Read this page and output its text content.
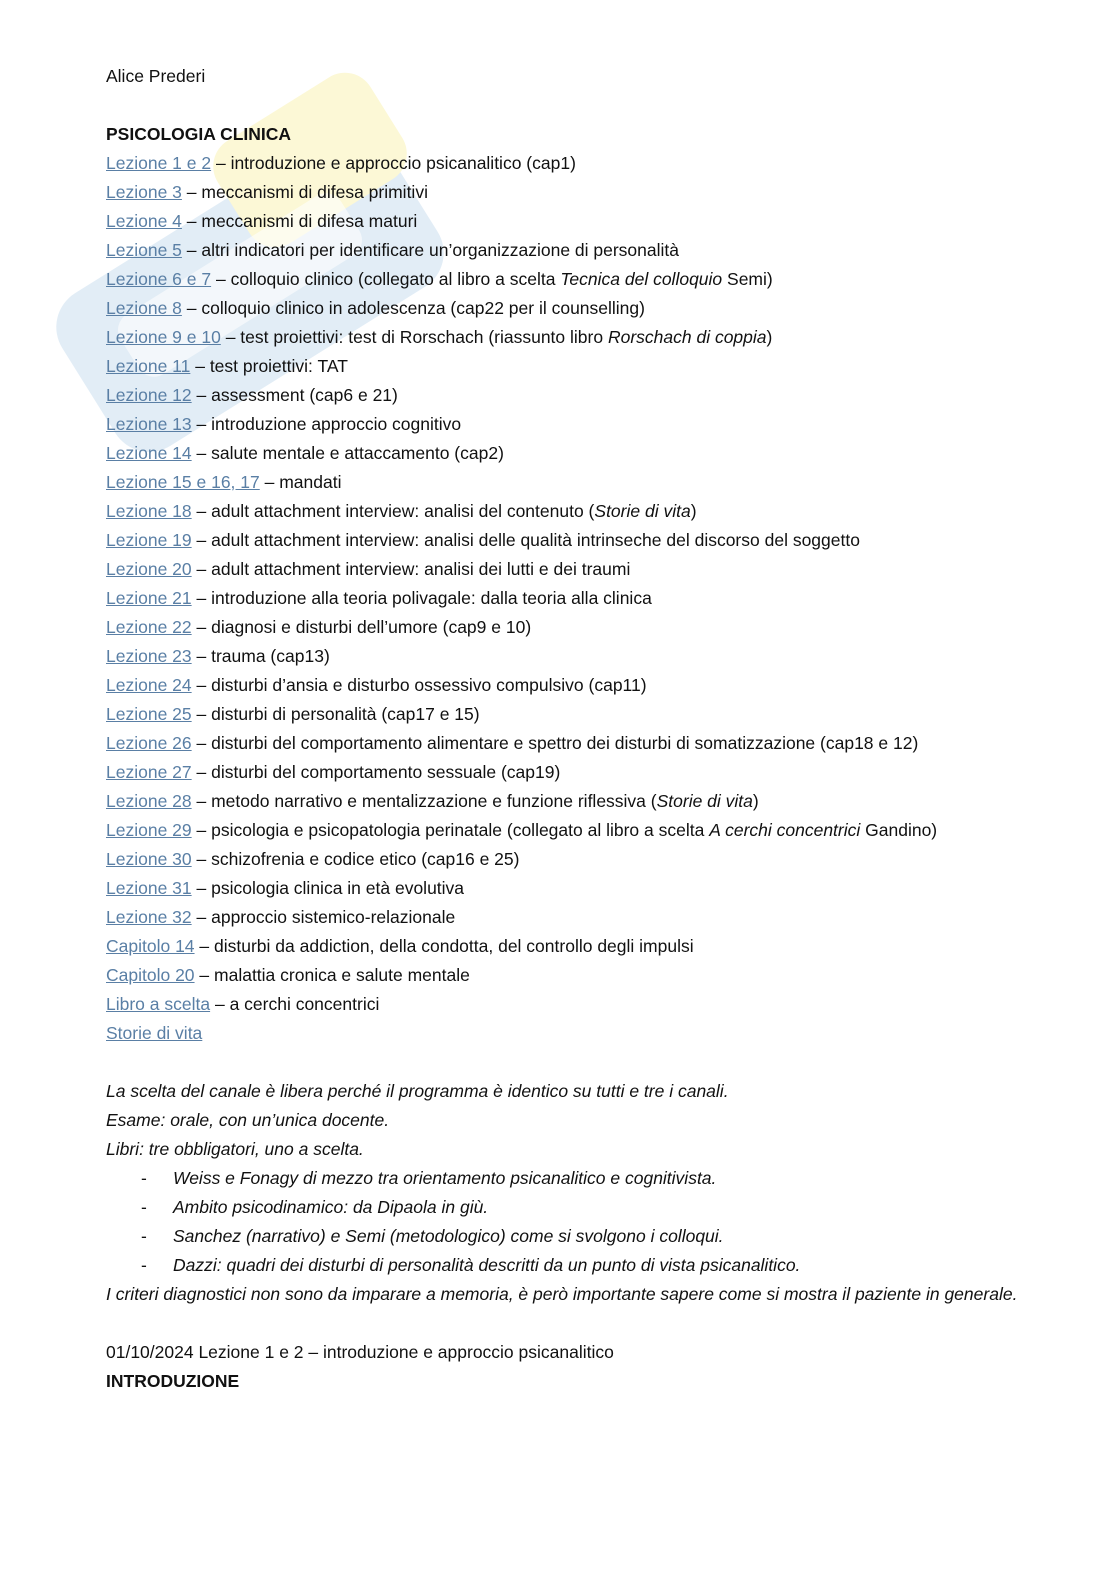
Alice Prederi
PSICOLOGIA CLINICA
Lezione 1 e 2 – introduzione e approccio psicanalitico (cap1)
Lezione 3 – meccanismi di difesa primitivi
Lezione 4 – meccanismi di difesa maturi
Lezione 5 – altri indicatori per identificare un’organizzazione di personalità
Lezione 6 e 7 – colloquio clinico (collegato al libro a scelta Tecnica del colloquio Semi)
Lezione 8 – colloquio clinico in adolescenza (cap22 per il counselling)
Lezione 9 e 10 – test proiettivi: test di Rorschach (riassunto libro Rorschach di coppia)
Lezione 11 – test proiettivi: TAT
Lezione 12 – assessment (cap6 e 21)
Lezione 13 – introduzione approccio cognitivo
Lezione 14 – salute mentale e attaccamento (cap2)
Lezione 15 e 16, 17 – mandati
Lezione 18 – adult attachment interview: analisi del contenuto (Storie di vita)
Lezione 19 – adult attachment interview: analisi delle qualità intrinseche del discorso del soggetto
Lezione 20 – adult attachment interview: analisi dei lutti e dei traumi
Lezione 21 – introduzione alla teoria polivagale: dalla teoria alla clinica
Lezione 22 – diagnosi e disturbi dell’umore (cap9 e 10)
Lezione 23 – trauma (cap13)
Lezione 24 – disturbi d’ansia e disturbo ossessivo compulsivo (cap11)
Lezione 25 – disturbi di personalità (cap17 e 15)
Lezione 26 – disturbi del comportamento alimentare e spettro dei disturbi di somatizzazione (cap18 e 12)
Lezione 27 – disturbi del comportamento sessuale (cap19)
Lezione 28 – metodo narrativo e mentalizzazione e funzione riflessiva (Storie di vita)
Lezione 29 – psicologia e psicopatologia perinatale (collegato al libro a scelta A cerchi concentrici Gandino)
Lezione 30 – schizofrenia e codice etico (cap16 e 25)
Lezione 31 – psicologia clinica in età evolutiva
Lezione 32 – approccio sistemico-relazionale
Capitolo 14 – disturbi da addiction, della condotta, del controllo degli impulsi
Capitolo 20 – malattia cronica e salute mentale
Libro a scelta – a cerchi concentrici
Storie di vita

La scelta del canale è libera perché il programma è identico su tutti e tre i canali.

Esame: orale, con un’unica docente.

Libri: tre obbligatori, uno a scelta.

- Weiss e Fonagy di mezzo tra orientamento psicanalitico e cognitivista.
- Ambito psicodinamico: da Dipaola in giù.
- Sanchez (narrativo) e Semi (metodologico) come si svolgono i colloqui.
- Dazzi: quadri dei disturbi di personalità descritti da un punto di vista psicanalitico.

I criteri diagnostici non sono da imparare a memoria, è però importante sapere come si mostra il paziente in generale.

01/10/2024 Lezione 1 e 2 – introduzione e approccio psicanalitico
INTRODUZIONE
